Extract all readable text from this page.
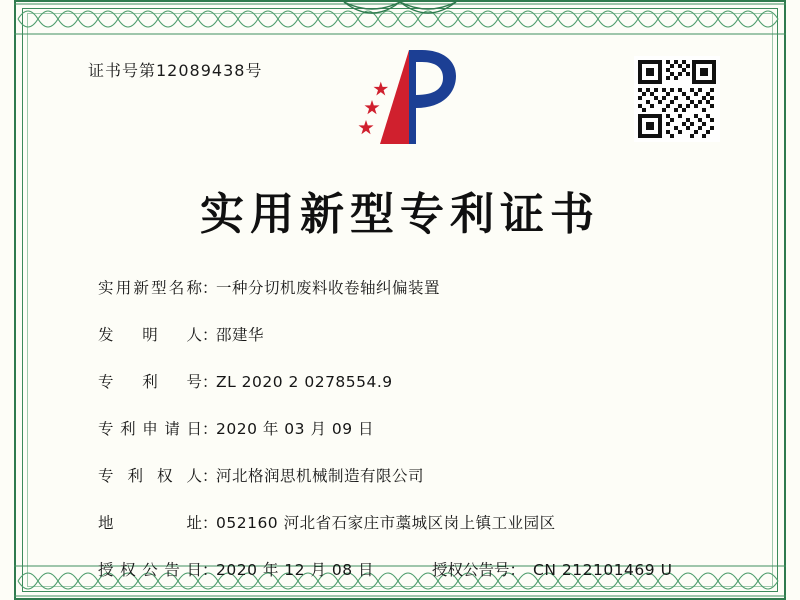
证书号第12089438号
实用新型专利证书
实 用 新 型 名 称 ：
一种分切机废料收卷轴纠偏装置
发 明 人 ：
邵建华
专 利 号 ：
ZL 2020 2 0278554.9
专 利 申 请 日 ：
2020 年 03 月 09 日
专 利 权 人 ：
河北格润思机械制造有限公司
地	址 ：
052160 河北省石家庄市藁城区岗上镇工业园区
授 权 公 告 日 ：
2020 年 12 月 08 日	授权公告号： CN 212101469 U
